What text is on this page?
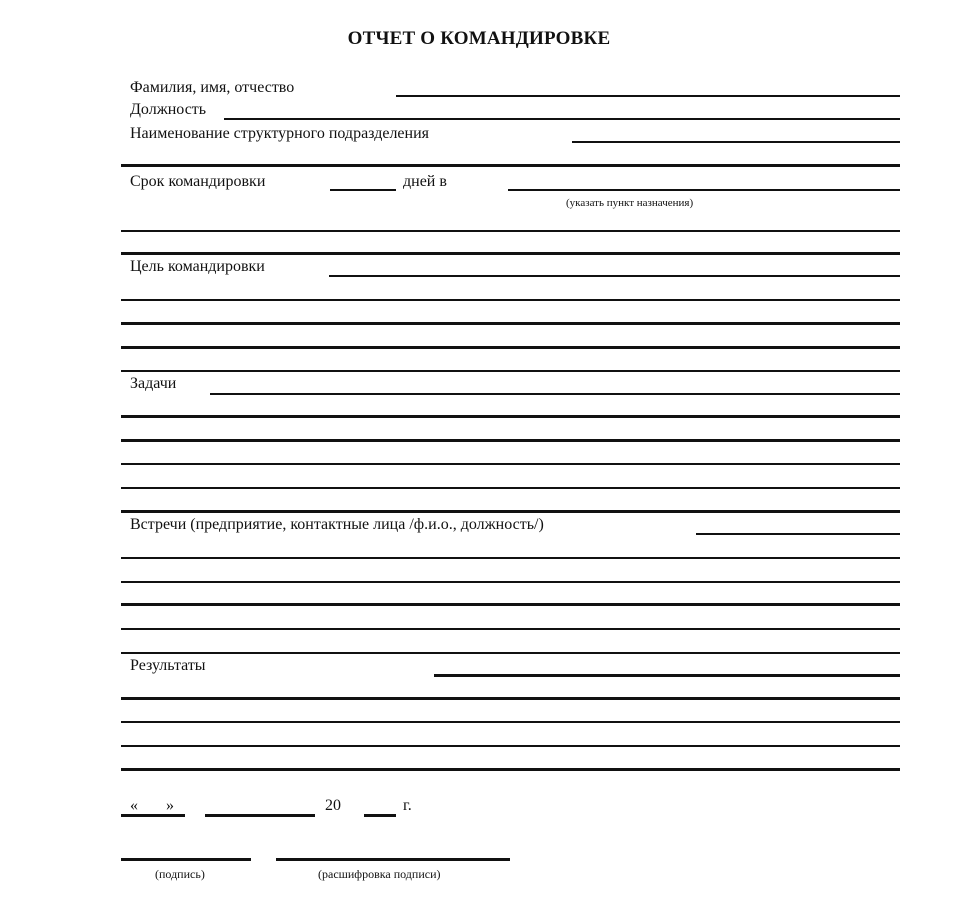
ОТЧЕТ О КОМАНДИРОВКЕ
Фамилия, имя, отчество
Должность
Наименование структурного подразделения
Срок командировки	дней в
(указать пункт назначения)
Цель командировки
Задачи
Встречи (предприятие, контактные лица /ф.и.о., должность/)
Результаты
« »	20	г.
(подпись)	(расшифровка подписи)
